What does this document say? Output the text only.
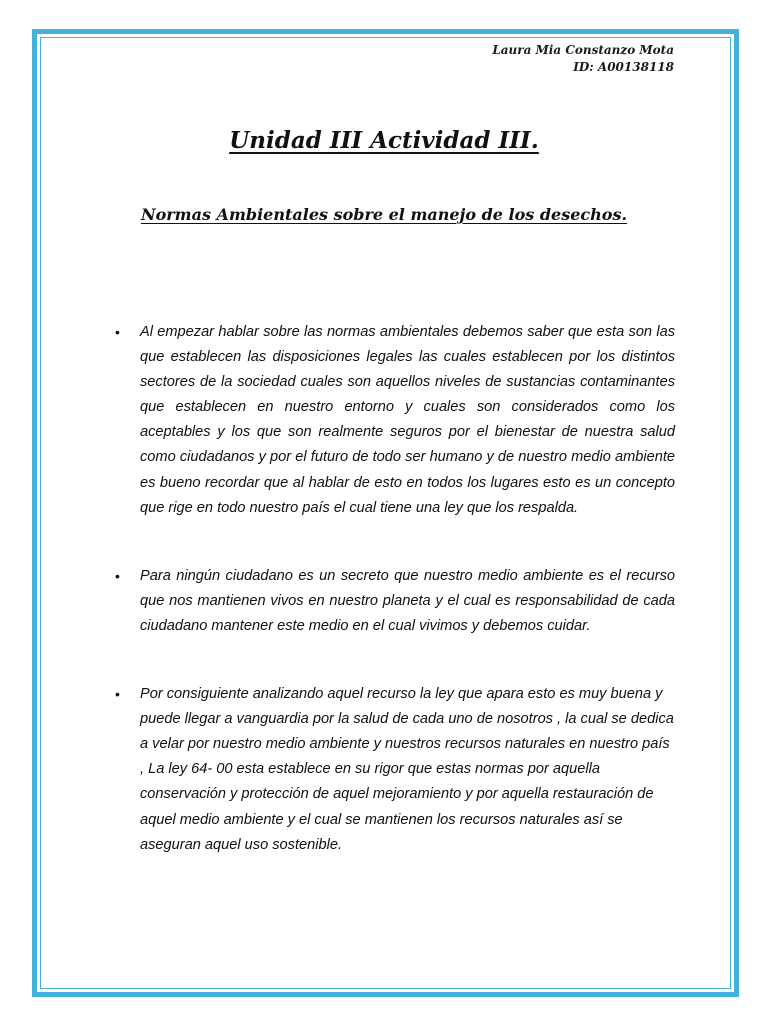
Laura Mia Constanzo Mota
ID: A00138118
Unidad III Actividad III.
Normas Ambientales sobre el manejo de los desechos.
• Al empezar hablar sobre las normas ambientales debemos saber que esta son las que establecen las disposiciones legales las cuales establecen por los distintos sectores de la sociedad cuales son aquellos niveles de sustancias contaminantes que establecen en nuestro entorno y cuales son considerados como los aceptables y los que son realmente seguros por el bienestar de nuestra salud como ciudadanos y por el futuro de todo ser humano y de nuestro medio ambiente es bueno recordar que al hablar de esto en todos los lugares esto es un concepto que rige en todo nuestro país el cual tiene una ley que los respalda.
• Para ningún ciudadano es un secreto que nuestro medio ambiente es el recurso que nos mantienen vivos en nuestro planeta y el cual es responsabilidad de cada ciudadano mantener este medio en el cual vivimos y debemos cuidar.
• Por consiguiente analizando aquel recurso la ley que apara esto es muy buena y puede llegar a vanguardia por la salud de cada uno de nosotros , la cual se dedica a velar por nuestro medio ambiente y nuestros recursos naturales en nuestro país , La ley 64- 00 esta establece en su rigor que estas normas por aquella conservación y protección de aquel mejoramiento y por aquella restauración de aquel medio ambiente y el cual se mantienen los recursos naturales así se aseguran aquel uso sostenible.
